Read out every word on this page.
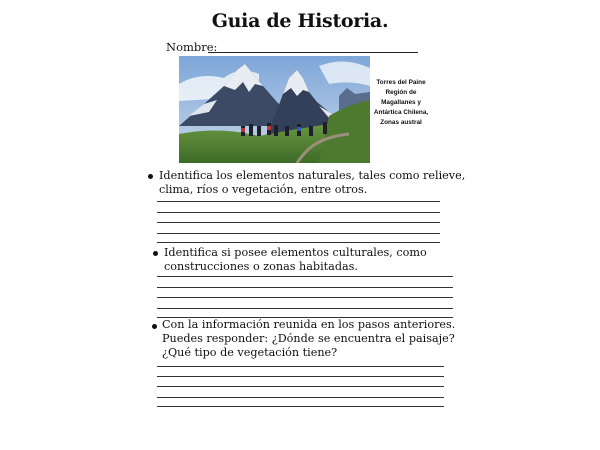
Guia de Historia.
Nombre:
Torres del Paine
Región de
Magallanes y
Antártica Chilena,
Zonas austral
Identifica los elementos naturales, tales como relieve,
clima, ríos o vegetación, entre otros.
Identifica si posee elementos culturales, como
construcciones o zonas habitadas.
Con la información reunida en los pasos anteriores.
Puedes responder: ¿Dónde se encuentra el paisaje?
¿Qué tipo de vegetación tiene?
